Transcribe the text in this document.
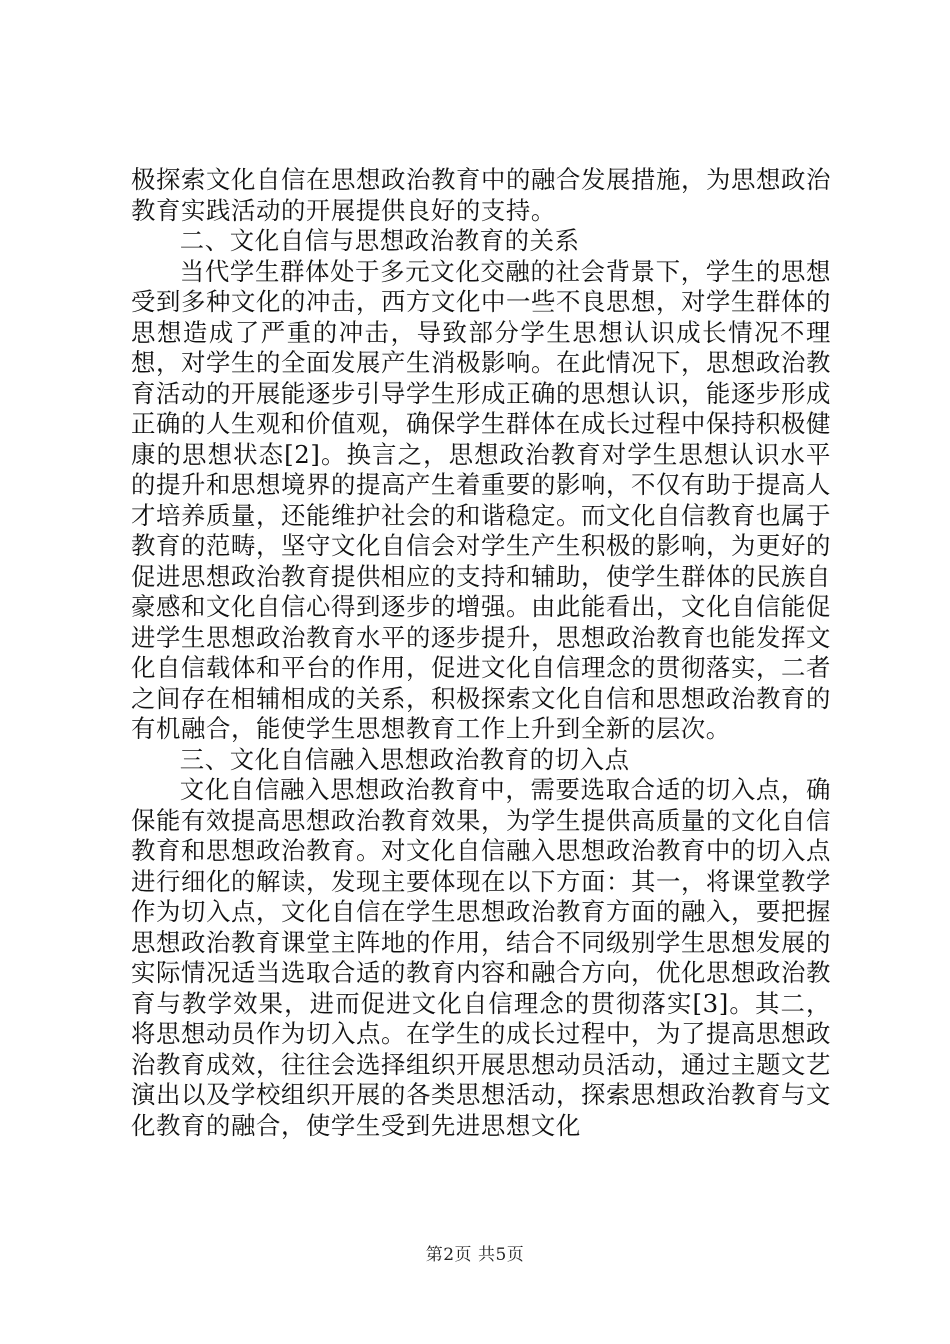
极探索文化自信在思想政治教育中的融合发展措施，为思想政治教育实践活动的开展提供良好的支持。

二、文化自信与思想政治教育的关系

当代学生群体处于多元文化交融的社会背景下，学生的思想受到多种文化的冲击，西方文化中一些不良思想，对学生群体的思想造成了严重的冲击，导致部分学生思想认识成长情况不理想，对学生的全面发展产生消极影响。在此情况下，思想政治教育活动的开展能逐步引导学生形成正确的思想认识，能逐步形成正确的人生观和价值观，确保学生群体在成长过程中保持积极健康的思想状态[2]。换言之，思想政治教育对学生思想认识水平的提升和思想境界的提高产生着重要的影响，不仅有助于提高人才培养质量，还能维护社会的和谐稳定。而文化自信教育也属于教育的范畴，坚守文化自信会对学生产生积极的影响，为更好的促进思想政治教育提供相应的支持和辅助，使学生群体的民族自豪感和文化自信心得到逐步的增强。由此能看出，文化自信能促进学生思想政治教育水平的逐步提升，思想政治教育也能发挥文化自信载体和平台的作用，促进文化自信理念的贯彻落实，二者之间存在相辅相成的关系，积极探索文化自信和思想政治教育的有机融合，能使学生思想教育工作上升到全新的层次。

三、文化自信融入思想政治教育的切入点

文化自信融入思想政治教育中，需要选取合适的切入点，确保能有效提高思想政治教育效果，为学生提供高质量的文化自信教育和思想政治教育。对文化自信融入思想政治教育中的切入点进行细化的解读，发现主要体现在以下方面：其一，将课堂教学作为切入点，文化自信在学生思想政治教育方面的融入，要把握思想政治教育课堂主阵地的作用，结合不同级别学生思想发展的实际情况适当选取合适的教育内容和融合方向，优化思想政治教育与教学效果，进而促进文化自信理念的贯彻落实[3]。其二，将思想动员作为切入点。在学生的成长过程中，为了提高思想政治教育成效，往往会选择组织开展思想动员活动，通过主题文艺演出以及学校组织开展的各类思想活动，探索思想政治教育与文化教育的融合，使学生受到先进思想文化

第2页 共5页
